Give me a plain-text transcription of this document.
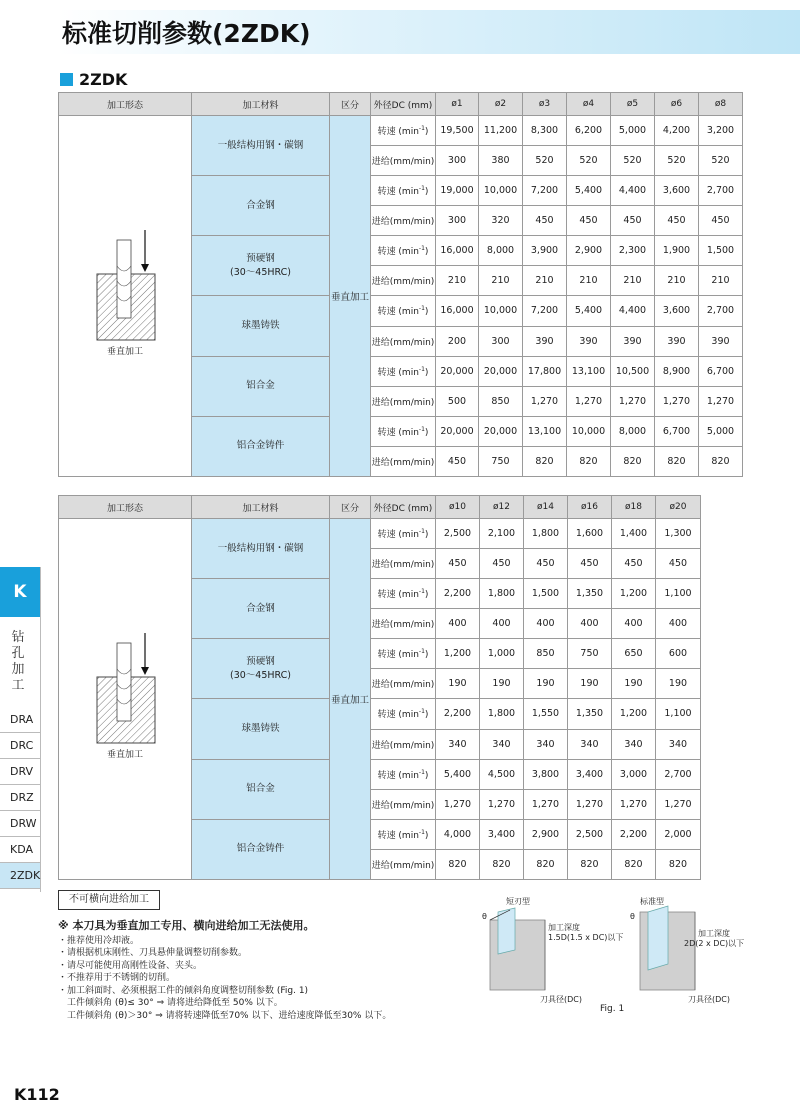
标准切削参数(2ZDK)
2ZDK
加工形态	加工材料	区分	外径DC (mm)	ø1	ø2	ø3	ø4	ø5	ø6	ø8

垂直加工	一般结构用钢・碳钢	垂直加工	转速 $(\min^{-1})$	19,500	11,200	8,300	6,200	5,000	4,200	3,200
			进给(mm/min)	300	380	520	520	520	520	520

	合金钢		转速 $(\min^{-1})$	19,000	10,000	7,200	5,400	4,400	3,600	2,700
			进给(mm/min)	300	320	450	450	450	450	450

	预硬钢
(30～45HRC)		转速 $(\min^{-1})$	16,000	8,000	3,900	2,900	2,300	1,900	1,500
			进给(mm/min)	210	210	210	210	210	210	210

	球墨铸铁		转速 $(\min^{-1})$	16,000	10,000	7,200	5,400	4,400	3,600	2,700
			进给(mm/min)	200	300	390	390	390	390	390

	铝合金		转速 $(\min^{-1})$	20,000	20,000	17,800	13,100	10,500	8,900	6,700
			进给(mm/min)	500	850	1,270	1,270	1,270	1,270	1,270

	铝合金铸件		转速 $(\min^{-1})$	20,000	20,000	13,100	10,000	8,000	6,700	5,000
			进给(mm/min)	450	750	820	820	820	820	820
加工形态	加工材料	区分	外径DC (mm)	ø10	ø12	ø14	ø16	ø18	ø20

垂直加工	一般结构用钢・碳钢	垂直加工	转速 $(\min^{-1})$	2,500	2,100	1,800	1,600	1,400	1,300
			进给(mm/min)	450	450	450	450	450	450

	合金钢		转速 $(\min^{-1})$	2,200	1,800	1,500	1,350	1,200	1,100
			进给(mm/min)	400	400	400	400	400	400

	预硬钢
(30～45HRC)		转速 $(\min^{-1})$	1,200	1,000	850	750	650	600
			进给(mm/min)	190	190	190	190	190	190

	球墨铸铁		转速 $(\min^{-1})$	2,200	1,800	1,550	1,350	1,200	1,100
			进给(mm/min)	340	340	340	340	340	340

	铝合金		转速 $(\min^{-1})$	5,400	4,500	3,800	3,400	3,000	2,700
			进给(mm/min)	1,270	1,270	1,270	1,270	1,270	1,270

	铝合金铸件		转速 $(\min^{-1})$	4,000	3,400	2,900	2,500	2,200	2,000
			进给(mm/min)	820	820	820	820	820	820
K
钻孔加工
DRA
DRC
DRV
DRZ
DRW
KDA
2ZDK
不可横向进给加工
※ 本刀具为垂直加工专用、横向进给加工无法使用。
・推荐使用冷却液。
・请根据机床刚性、刀具悬伸量调整切削参数。
・请尽可能使用高刚性设备、夹头。
・不推荐用于不锈钢的切削。
・加工斜面时、必须根据工件的倾斜角度调整切削参数 (Fig. 1)
　工件倾斜角 (θ)≤ 30° ⇒ 请将进给降低至 50% 以下。
　工件倾斜角 (θ)＞30° ⇒ 请将转速降低至70% 以下、进给速度降低至30% 以下。
短刃型
θ
加工深度
1.5D(1.5 x DC)以下
刀具径(DC)
标准型
θ
加工深度
2D(2 x DC)以下
刀具径(DC)
Fig. 1
K112
